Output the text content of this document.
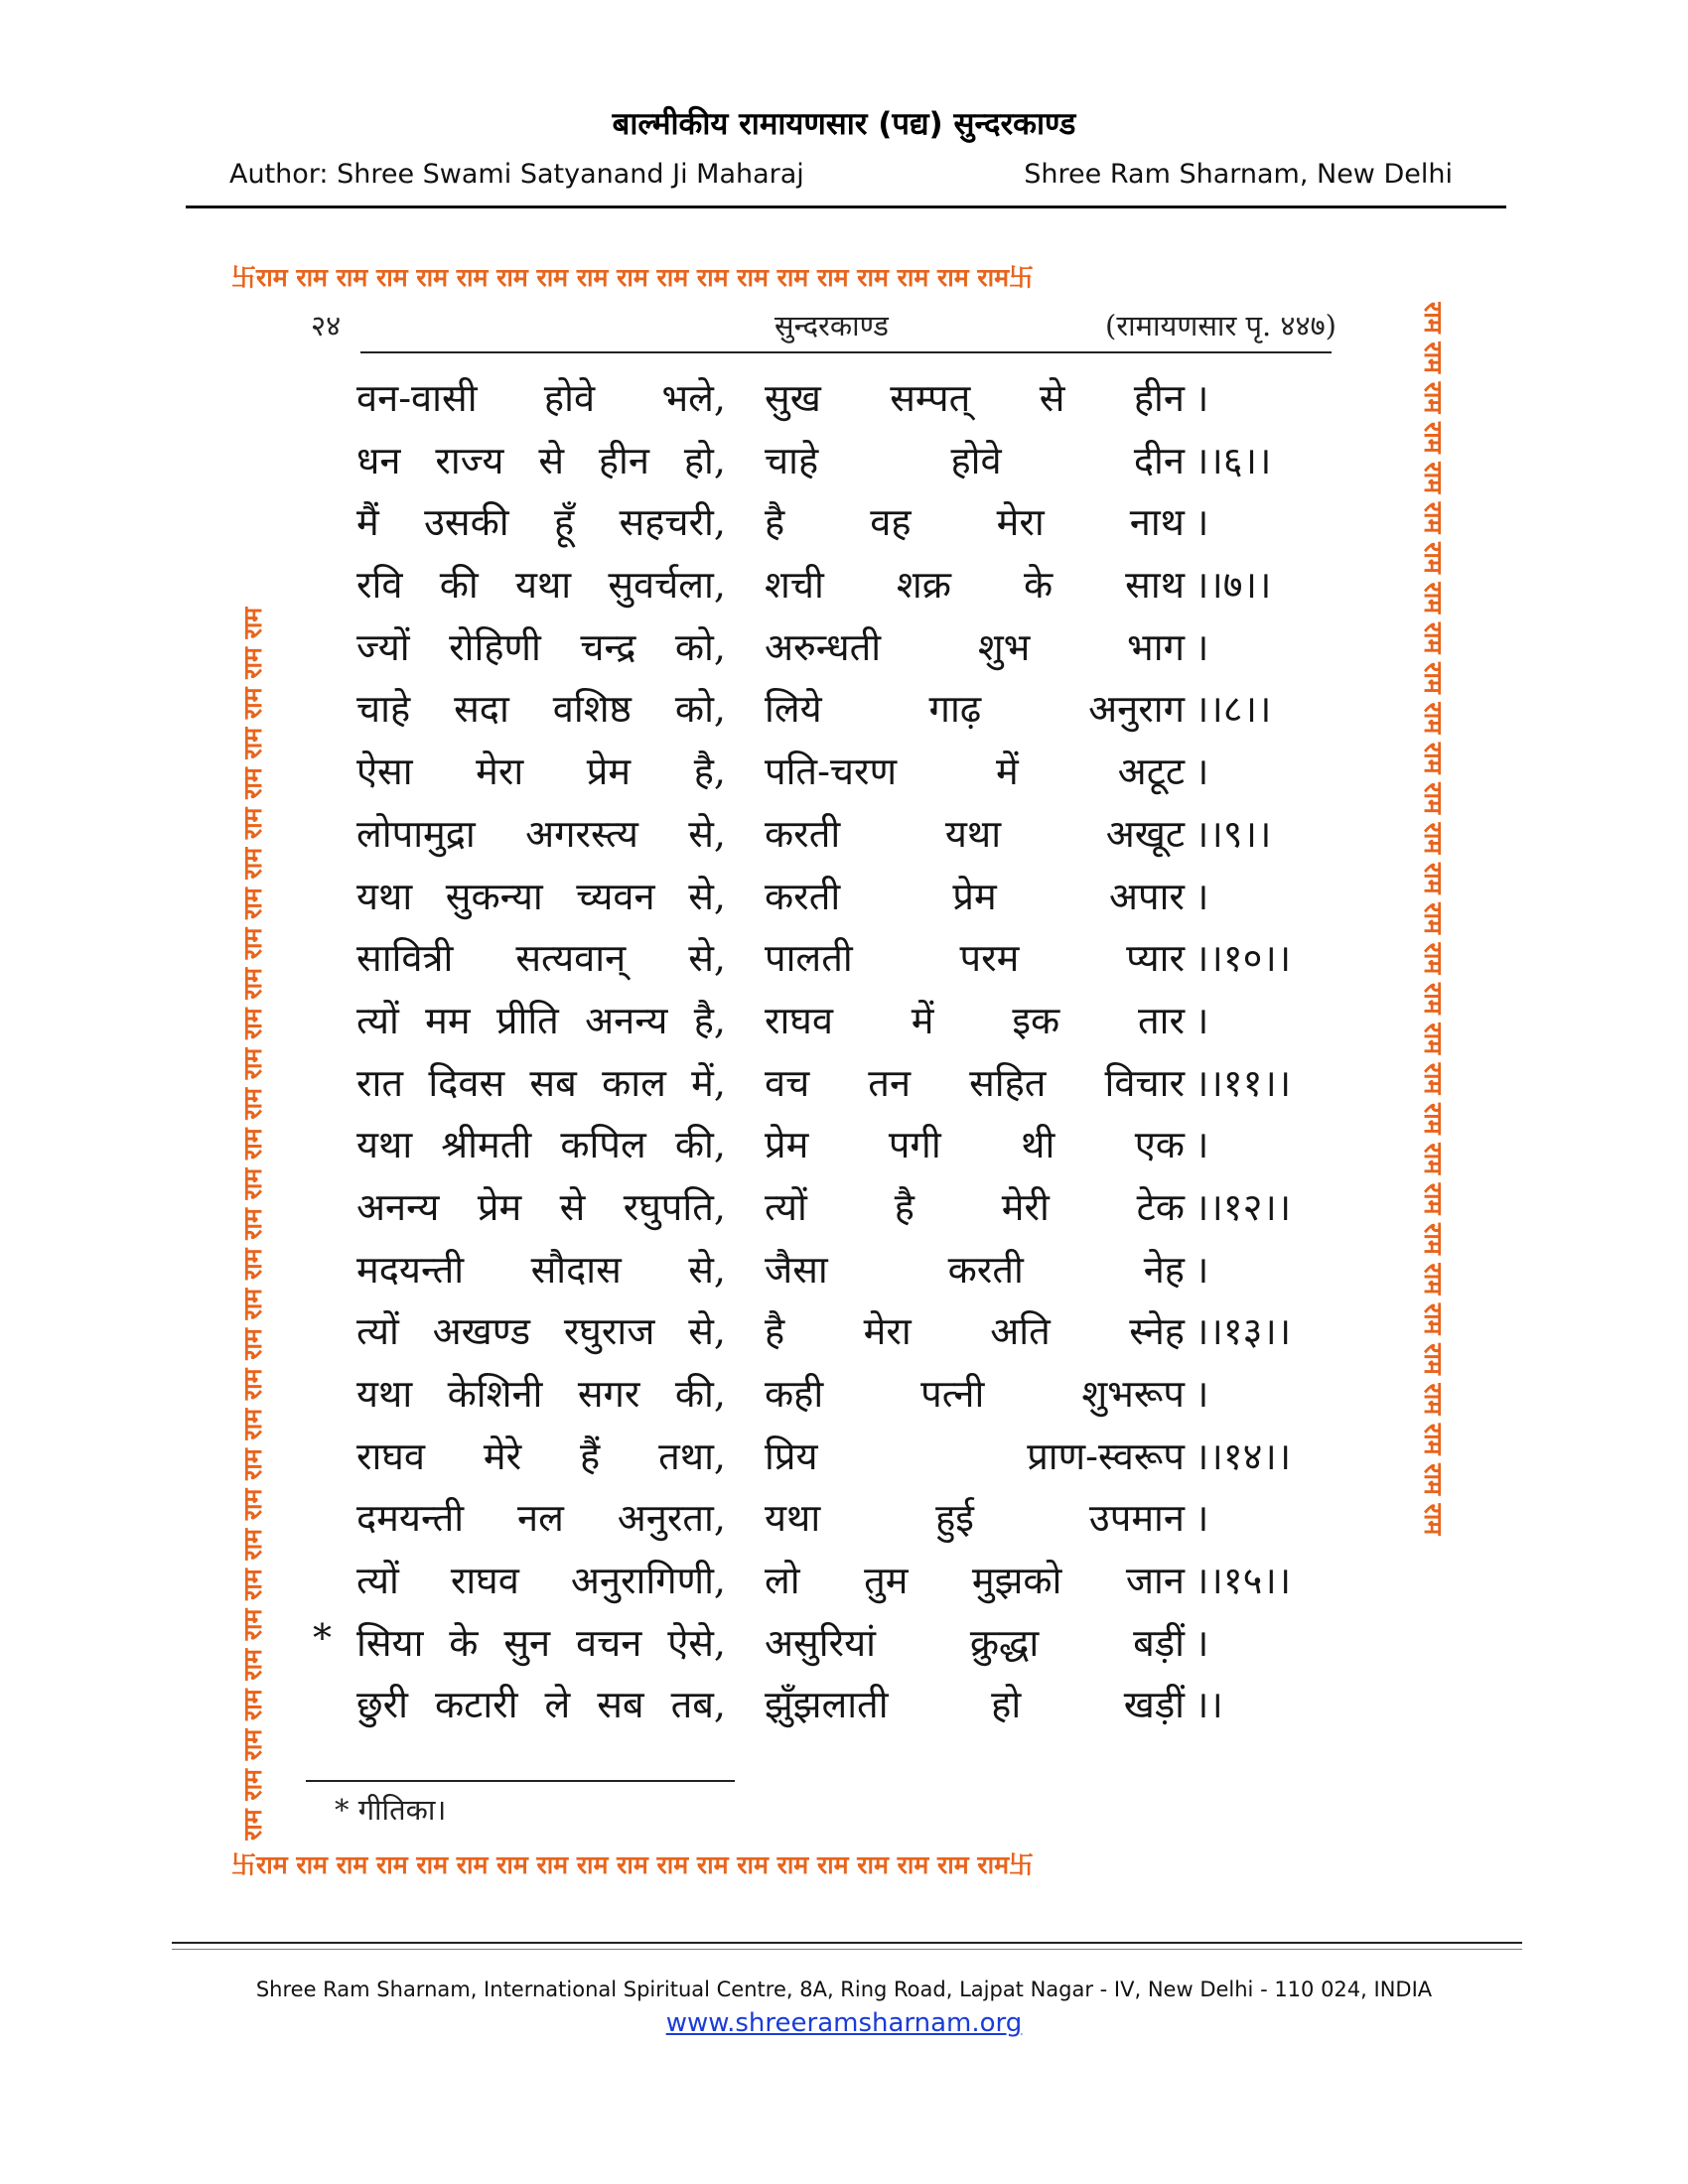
बाल्मीकीय रामायणसार (पद्य) सुन्दरकाण्ड
Author: Shree Swami Satyanand Ji Maharaj	Shree Ram Sharnam, New Delhi
卐राम राम राम राम राम राम राम राम राम राम राम राम राम राम राम राम राम राम राम卐
राम राम राम राम राम राम राम राम राम राम राम राम राम राम राम राम राम राम राम राम राम राम राम राम राम राम राम राम राम राम राम	राम राम राम राम राम राम राम राम राम राम राम राम राम राम राम राम राम राम राम राम राम राम राम राम राम राम राम राम राम राम राम
卐राम राम राम राम राम राम राम राम राम राम राम राम राम राम राम राम राम राम राम卐
२४	सुन्दरकाण्ड	(रामायणसार पृ. ४४७)
वन-वासी होवे भले, सुख सम्पत् से हीन ।
धन राज्य से हीन हो, चाहे	होवे	दीन ।।६।।
मैं उसकी हूँ सहचरी, है वह मेरा नाथ ।
रवि की यथा सुवर्चला, शची शक्र के साथ ।।७।।
ज्यों रोहिणी चन्द्र को, अरुन्धती	शुभ	भाग ।
चाहे सदा वशिष्ठ को, लिये	गाढ़	अनुराग ।।८।।
ऐसा मेरा प्रेम है, पति-चरण	में	अटूट ।
लोपामुद्रा अगरस्त्य से, करती	यथा	अखूट ।।९।।
यथा सुकन्या च्यवन से, करती	प्रेम	अपार ।
सावित्री सत्यवान् से, पालती	परम	प्यार ।।१०।।
त्यों मम प्रीति अनन्य है, राघव में इक तार ।
रात दिवस सब काल में, वच तन सहित विचार ।।११।।
यथा श्रीमती कपिल की, प्रेम पगी थी एक ।
अनन्य प्रेम से रघुपति, त्यों है मेरी टेक ।।१२।।
मदयन्ती सौदास से, जैसा	करती	नेह ।
त्यों अखण्ड रघुराज से, है मेरा अति स्नेह ।।१३।।
यथा केशिनी सगर की, कही	पत्नी	शुभरूप ।
राघव मेरे हैं तथा, प्रिय	प्राण-स्वरूप ।।१४।।
दमयन्ती नल अनुरता, यथा	हुई	उपमान ।
त्यों राघव अनुरागिणी, लो तुम मुझको जान ।।१५।।
* सिया के सुन वचन ऐसे, असुरियां क्रुद्धा बड़ीं ।
छुरी कटारी ले सब तब, झुँझलाती	हो	खड़ीं ।।
* गीतिका।
Shree Ram Sharnam, International Spiritual Centre, 8A, Ring Road, Lajpat Nagar - IV, New Delhi - 110 024, INDIA
www.shreeramsharnam.org
